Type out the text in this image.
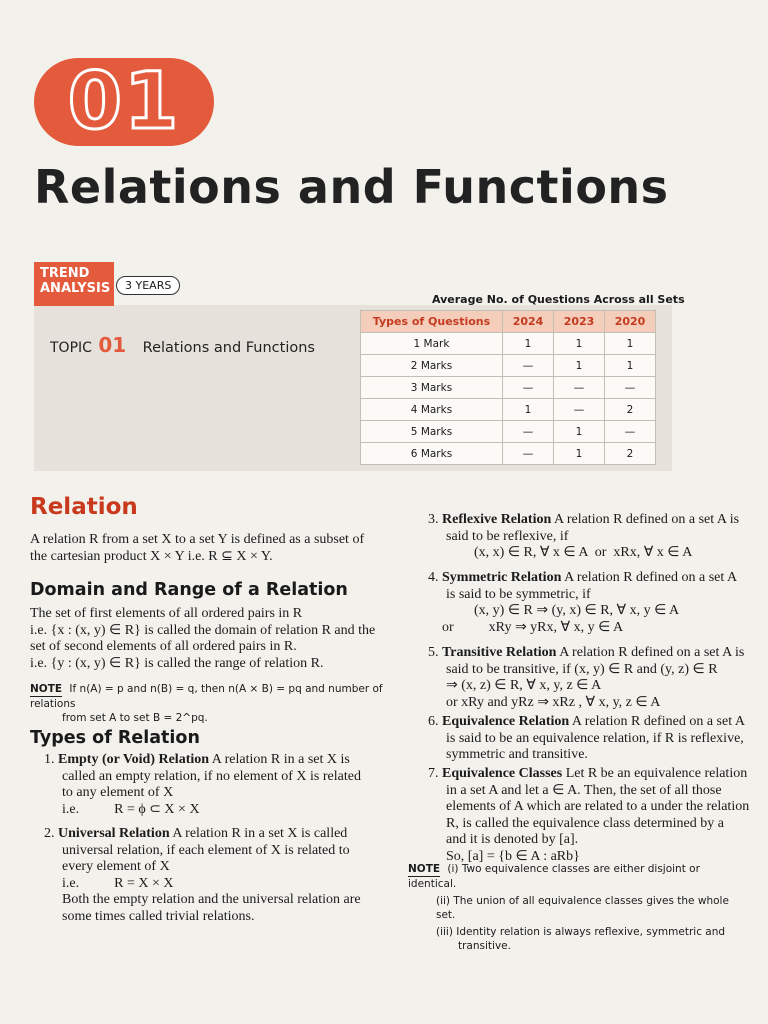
01
Relations and Functions
TREND
ANALYSIS	3 YEARS
TOPIC 01 Relations and Functions
Average No. of Questions Across all Sets
Types of Questions	2024	2023	2020
1 Mark	1	1	1
2 Marks	—	1	1
3 Marks	—	—	—
4 Marks	1	—	2
5 Marks	—	1	—
6 Marks	—	1	2
Relation
A relation R from a set X to a set Y is defined as a subset of
the cartesian product X × Y i.e. R ⊆ X × Y.
Domain and Range of a Relation
The set of first elements of all ordered pairs in R
i.e. {x : (x, y) ∈ R} is called the domain of relation R and the
set of second elements of all ordered pairs in R.
i.e. {y : (x, y) ∈ R} is called the range of relation R.
NOTE If n(A) = p and n(B) = q, then n(A × B) = pq and number of relations
from set A to set B = 2^pq.
Types of Relation
1. Empty (or Void) Relation A relation R in a set X is
called an empty relation, if no element of X is related
to any element of X
i.e.          R = ϕ ⊂ X × X
2. Universal Relation A relation R in a set X is called
universal relation, if each element of X is related to
every element of X
i.e.          R = X × X
Both the empty relation and the universal relation are
some times called trivial relations.
3. Reflexive Relation A relation R defined on a set A is
said to be reflexive, if
(x, x) ∈ R, ∀ x ∈ A  or  xRx, ∀ x ∈ A
4. Symmetric Relation A relation R defined on a set A
is said to be symmetric, if
(x, y) ∈ R ⇒ (y, x) ∈ R, ∀ x, y ∈ A
or          xRy ⇒ yRx, ∀ x, y ∈ A
5. Transitive Relation A relation R defined on a set A is
said to be transitive, if (x, y) ∈ R and (y, z) ∈ R
⇒ (x, z) ∈ R, ∀ x, y, z ∈ A
or xRy and yRz ⇒ xRz , ∀ x, y, z ∈ A
6. Equivalence Relation A relation R defined on a set A
is said to be an equivalence relation, if R is reflexive,
symmetric and transitive.
7. Equivalence Classes Let R be an equivalence relation
in a set A and let a ∈ A. Then, the set of all those
elements of A which are related to a under the relation
R, is called the equivalence class determined by a
and it is denoted by [a].
So, [a] = {b ∈ A : aRb}
NOTE (i) Two equivalence classes are either disjoint or identical.
(ii) The union of all equivalence classes gives the whole set.
(iii) Identity relation is always reflexive, symmetric and
transitive.
